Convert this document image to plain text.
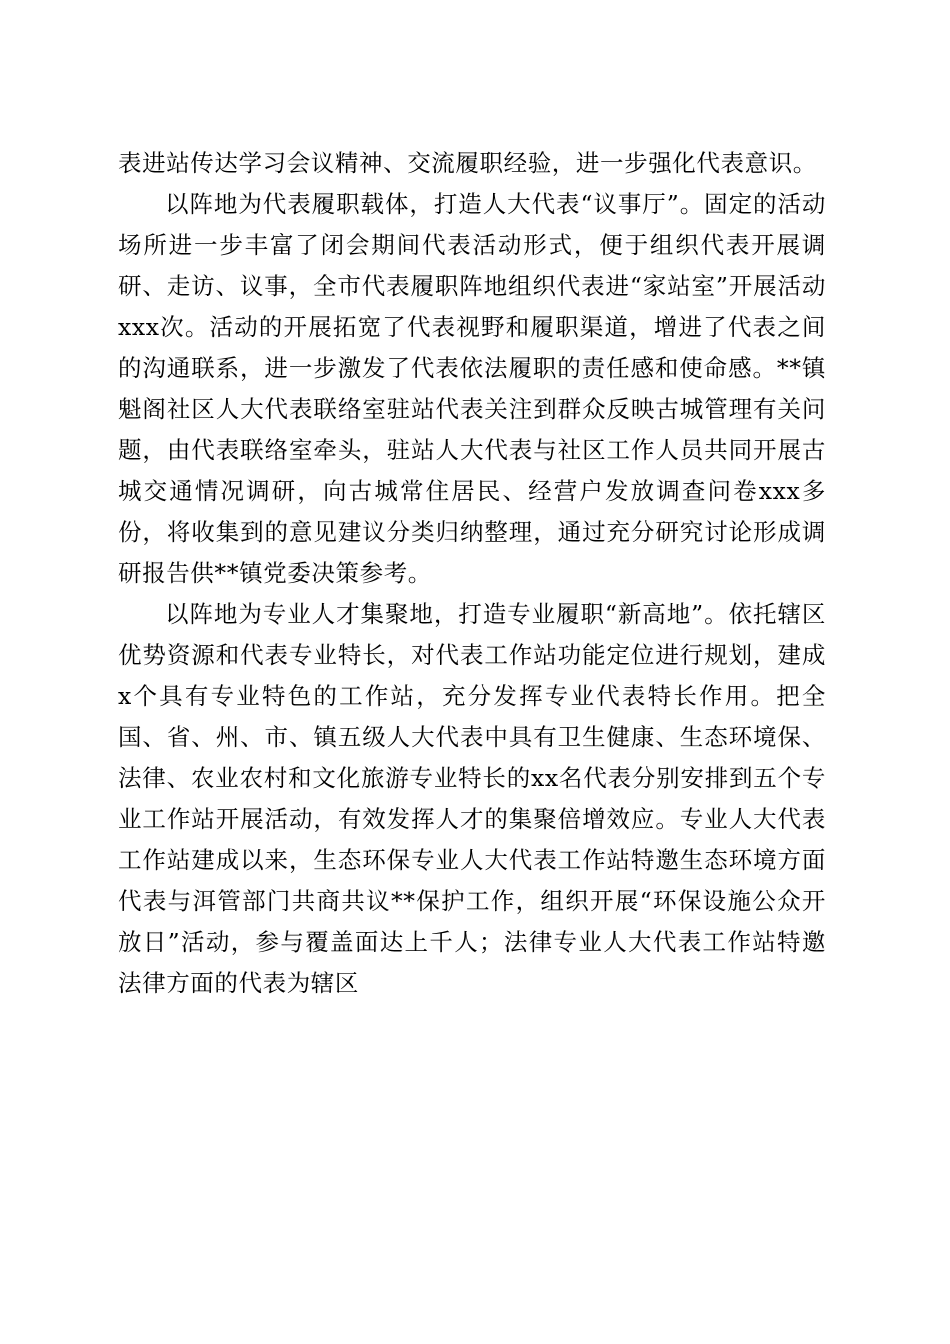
表进站传达学习会议精神、交流履职经验，进一步强化代表意识。

以阵地为代表履职载体，打造人大代表“议事厅”。固定的活动场所进一步丰富了闭会期间代表活动形式，便于组织代表开展调研、走访、议事，全市代表履职阵地组织代表进“家站室”开展活动xxx次。活动的开展拓宽了代表视野和履职渠道，增进了代表之间的沟通联系，进一步激发了代表依法履职的责任感和使命感。**镇魁阁社区人大代表联络室驻站代表关注到群众反映古城管理有关问题，由代表联络室牵头，驻站人大代表与社区工作人员共同开展古城交通情况调研，向古城常住居民、经营户发放调查问卷xxx多份，将收集到的意见建议分类归纳整理，通过充分研究讨论形成调研报告供**镇党委决策参考。

以阵地为专业人才集聚地，打造专业履职“新高地”。依托辖区优势资源和代表专业特长，对代表工作站功能定位进行规划，建成x个具有专业特色的工作站，充分发挥专业代表特长作用。把全国、省、州、市、镇五级人大代表中具有卫生健康、生态环境保、法律、农业农村和文化旅游专业特长的xx名代表分别安排到五个专业工作站开展活动，有效发挥人才的集聚倍增效应。专业人大代表工作站建成以来，生态环保专业人大代表工作站特邀生态环境方面代表与洱管部门共商共议**保护工作，组织开展“环保设施公众开放日”活动，参与覆盖面达上千人；法律专业人大代表工作站特邀法律方面的代表为辖区
